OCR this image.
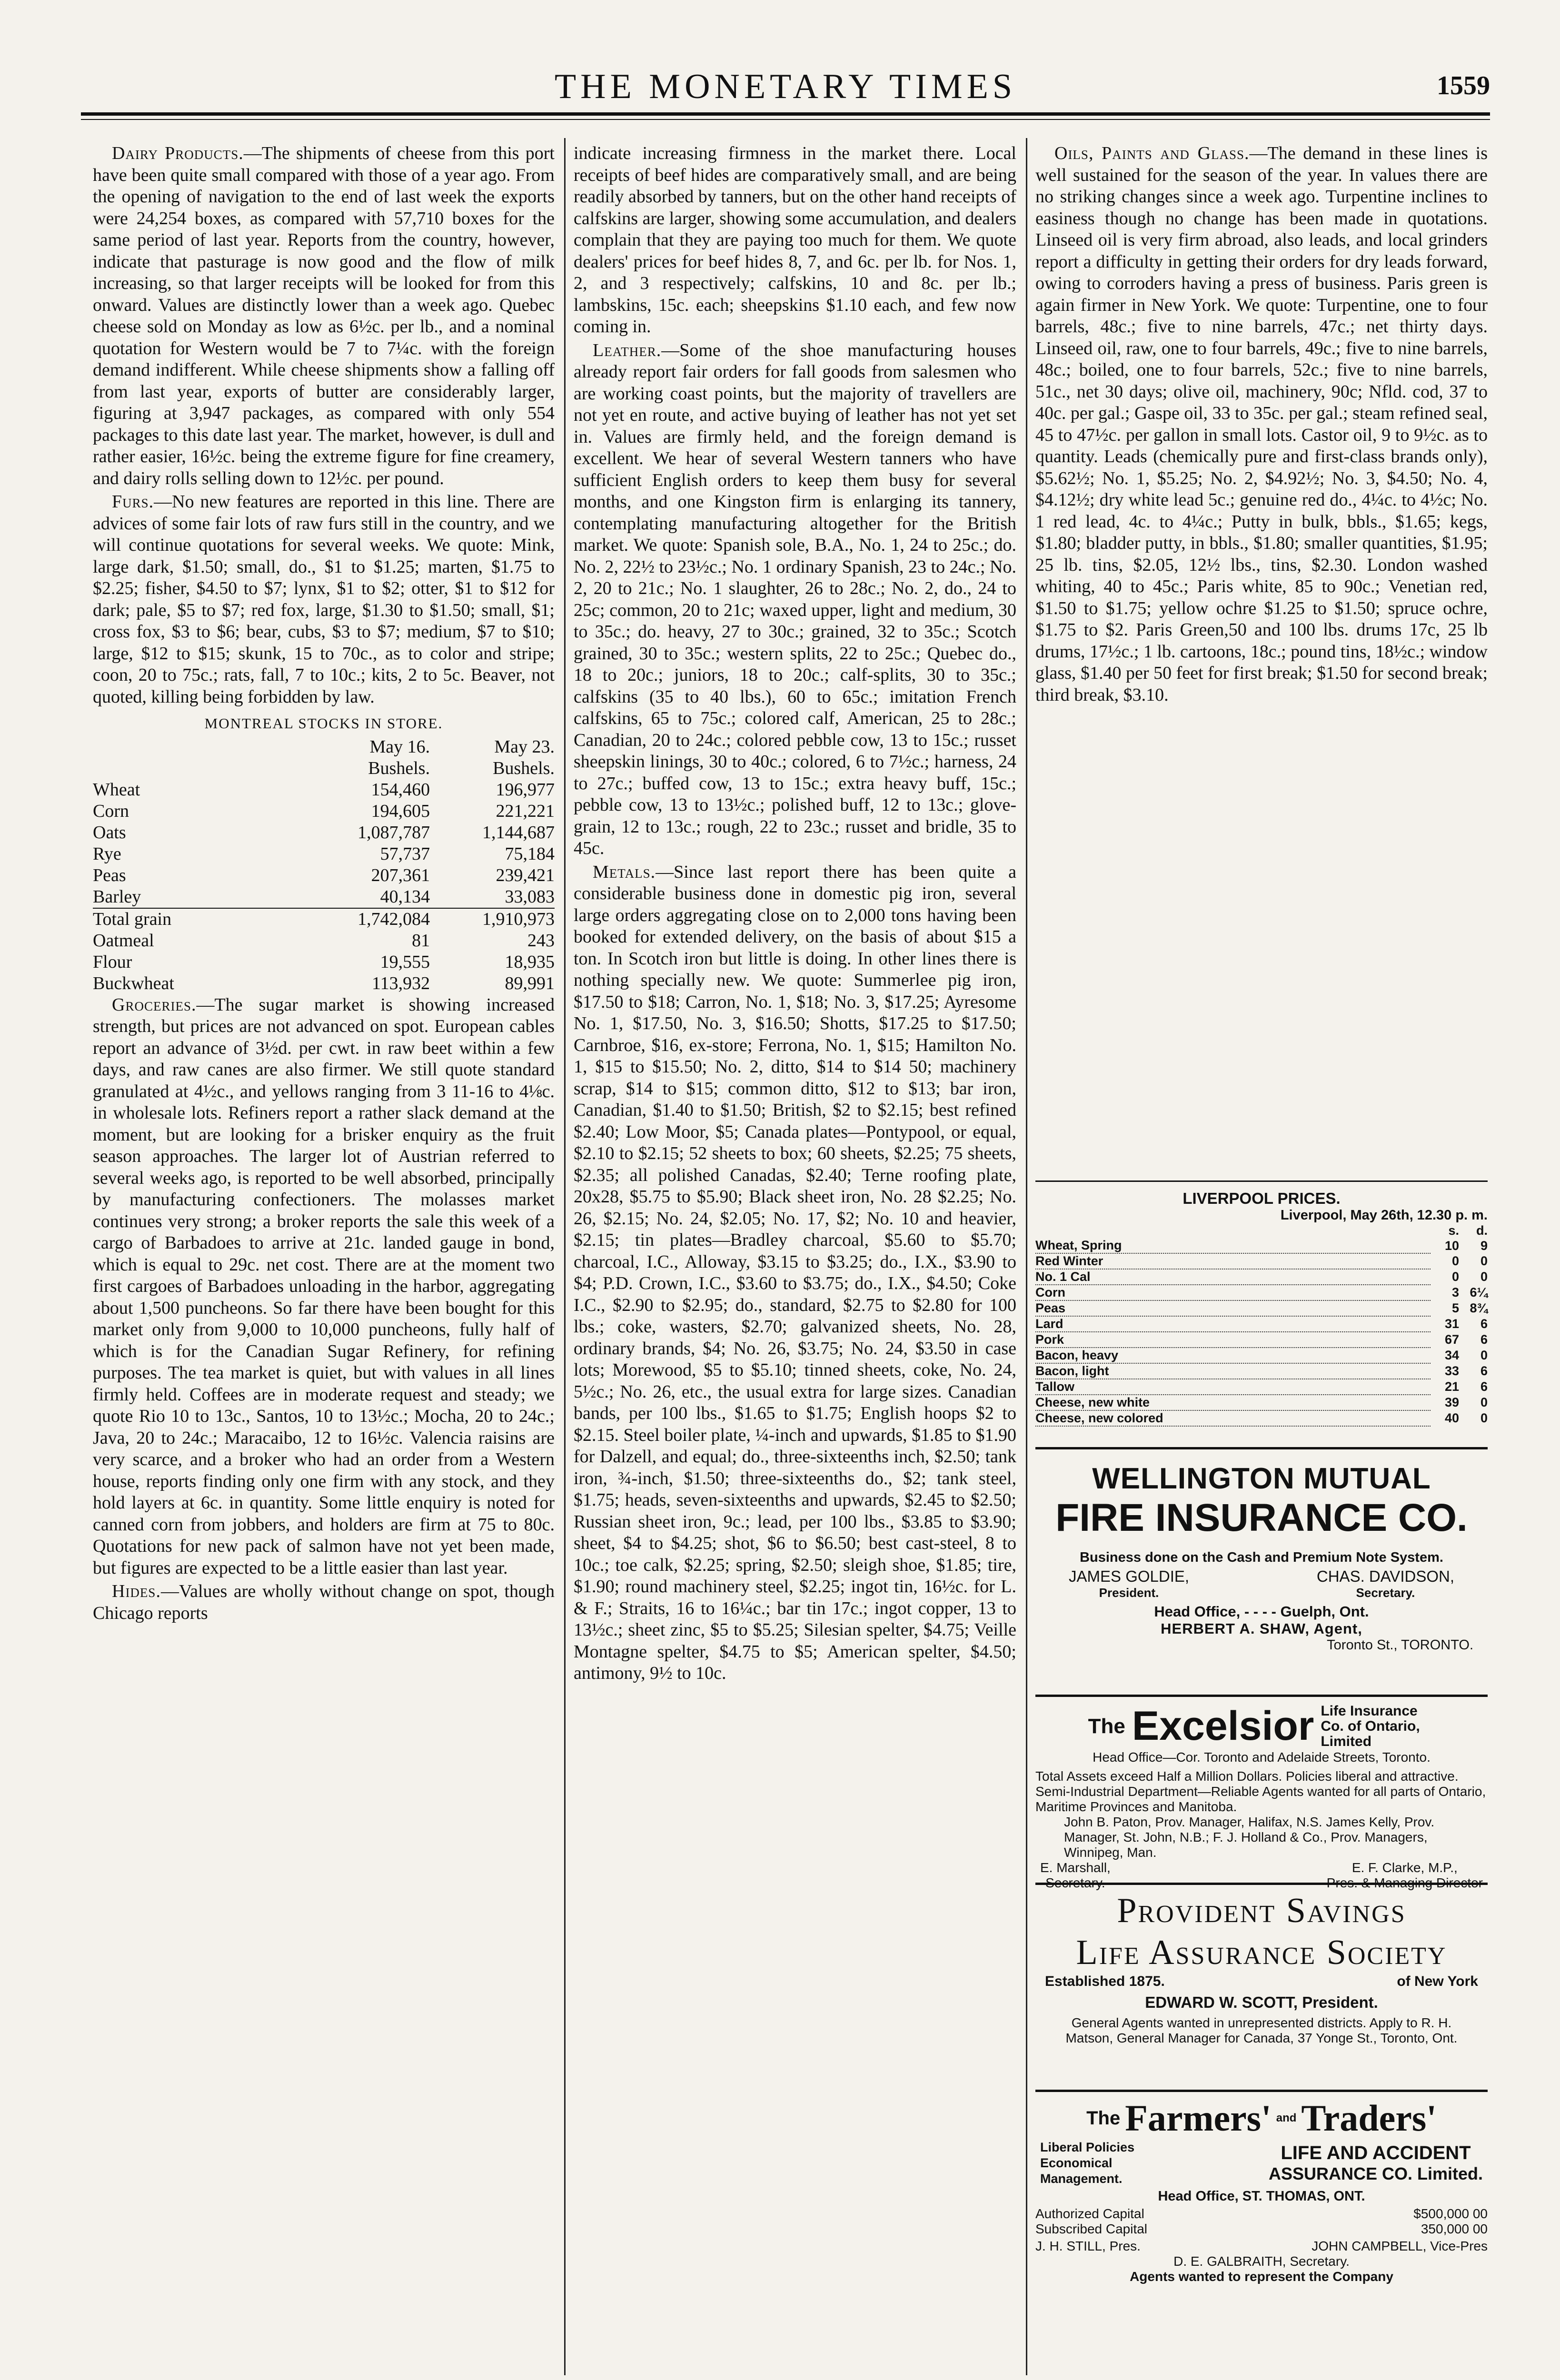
THE MONETARY TIMES	1559

Dairy Products.—The shipments of cheese from this port have been quite small compared with those of a year ago. From the opening of navigation to the end of last week the exports were 24,254 boxes, as compared with 57,710 boxes for the same period of last year. Reports from the country, however, indicate that pasturage is now good and the flow of milk increasing, so that larger receipts will be looked for from this onward. Values are distinctly lower than a week ago. Quebec cheese sold on Monday as low as 6½c. per lb., and a nominal quotation for Western would be 7 to 7¼c. with the foreign demand indifferent. While cheese shipments show a falling off from last year, exports of butter are considerably larger, figuring at 3,947 packages, as compared with only 554 packages to this date last year. The market, however, is dull and rather easier, 16½c. being the extreme figure for fine creamery, and dairy rolls selling down to 12½c. per pound.

Furs.—No new features are reported in this line. There are advices of some fair lots of raw furs still in the country, and we will continue quotations for several weeks. We quote: Mink, large dark, $1.50; small, do., $1 to $1.25; marten, $1.75 to $2.25; fisher, $4.50 to $7; lynx, $1 to $2; otter, $1 to $12 for dark; pale, $5 to $7; red fox, large, $1.30 to $1.50; small, $1; cross fox, $3 to $6; bear, cubs, $3 to $7; medium, $7 to $10; large, $12 to $15; skunk, 15 to 70c., as to color and stripe; coon, 20 to 75c.; rats, fall, 7 to 10c.; kits, 2 to 5c. Beaver, not quoted, killing being forbidden by law.

MONTREAL STOCKS IN STORE.
	May 16.	May 23.
	Bushels.	Bushels.
Wheat	154,460	196,977
Corn	194,605	221,221
Oats	1,087,787	1,144,687
Rye	57,737	75,184
Peas	207,361	239,421
Barley	40,134	33,083
Total grain	1,742,084	1,910,973
Oatmeal	81	243
Flour	19,555	18,935
Buckwheat	113,932	89,991

Groceries.—The sugar market is showing increased strength, but prices are not advanced on spot. European cables report an advance of 3½d. per cwt. in raw beet within a few days, and raw canes are also firmer. We still quote standard granulated at 4½c., and yellows ranging from 3 11-16 to 4⅛c. in wholesale lots. Refiners report a rather slack demand at the moment, but are looking for a brisker enquiry as the fruit season approaches. The larger lot of Austrian referred to several weeks ago, is reported to be well absorbed, principally by manufacturing confectioners. The molasses market continues very strong; a broker reports the sale this week of a cargo of Barbadoes to arrive at 21c. landed gauge in bond, which is equal to 29c. net cost. There are at the moment two first cargoes of Barbadoes unloading in the harbor, aggregating about 1,500 puncheons. So far there have been bought for this market only from 9,000 to 10,000 puncheons, fully half of which is for the Canadian Sugar Refinery, for refining purposes. The tea market is quiet, but with values in all lines firmly held. Coffees are in moderate request and steady; we quote Rio 10 to 13c., Santos, 10 to 13½c.; Mocha, 20 to 24c.; Java, 20 to 24c.; Maracaibo, 12 to 16½c. Valencia raisins are very scarce, and a broker who had an order from a Western house, reports finding only one firm with any stock, and they hold layers at 6c. in quantity. Some little enquiry is noted for canned corn from jobbers, and holders are firm at 75 to 80c. Quotations for new pack of salmon have not yet been made, but figures are expected to be a little easier than last year.

Hides.—Values are wholly without change on spot, though Chicago reports

indicate increasing firmness in the market there. Local receipts of beef hides are comparatively small, and are being readily absorbed by tanners, but on the other hand receipts of calfskins are larger, showing some accumulation, and dealers complain that they are paying too much for them. We quote dealers' prices for beef hides 8, 7, and 6c. per lb. for Nos. 1, 2, and 3 respectively; calfskins, 10 and 8c. per lb.; lambskins, 15c. each; sheepskins $1.10 each, and few now coming in.

Leather.—Some of the shoe manufacturing houses already report fair orders for fall goods from salesmen who are working coast points, but the majority of travellers are not yet en route, and active buying of leather has not yet set in. Values are firmly held, and the foreign demand is excellent. We hear of several Western tanners who have sufficient English orders to keep them busy for several months, and one Kingston firm is enlarging its tannery, contemplating manufacturing altogether for the British market. We quote: Spanish sole, B.A., No. 1, 24 to 25c.; do. No. 2, 22½ to 23½c.; No. 1 ordinary Spanish, 23 to 24c.; No. 2, 20 to 21c.; No. 1 slaughter, 26 to 28c.; No. 2, do., 24 to 25c; common, 20 to 21c; waxed upper, light and medium, 30 to 35c.; do. heavy, 27 to 30c.; grained, 32 to 35c.; Scotch grained, 30 to 35c.; western splits, 22 to 25c.; Quebec do., 18 to 20c.; juniors, 18 to 20c.; calf-splits, 30 to 35c.; calfskins (35 to 40 lbs.), 60 to 65c.; imitation French calfskins, 65 to 75c.; colored calf, American, 25 to 28c.; Canadian, 20 to 24c.; colored pebble cow, 13 to 15c.; russet sheepskin linings, 30 to 40c.; colored, 6 to 7½c.; harness, 24 to 27c.; buffed cow, 13 to 15c.; extra heavy buff, 15c.; pebble cow, 13 to 13½c.; polished buff, 12 to 13c.; glove-grain, 12 to 13c.; rough, 22 to 23c.; russet and bridle, 35 to 45c.

Metals.—Since last report there has been quite a considerable business done in domestic pig iron, several large orders aggregating close on to 2,000 tons having been booked for extended delivery, on the basis of about $15 a ton. In Scotch iron but little is doing. In other lines there is nothing specially new. We quote: Summerlee pig iron, $17.50 to $18; Carron, No. 1, $18; No. 3, $17.25; Ayresome No. 1, $17.50, No. 3, $16.50; Shotts, $17.25 to $17.50; Carnbroe, $16, ex-store; Ferrona, No. 1, $15; Hamilton No. 1, $15 to $15.50; No. 2, ditto, $14 to $14 50; machinery scrap, $14 to $15; common ditto, $12 to $13; bar iron, Canadian, $1.40 to $1.50; British, $2 to $2.15; best refined $2.40; Low Moor, $5; Canada plates—Pontypool, or equal, $2.10 to $2.15; 52 sheets to box; 60 sheets, $2.25; 75 sheets, $2.35; all polished Canadas, $2.40; Terne roofing plate, 20x28, $5.75 to $5.90; Black sheet iron, No. 28 $2.25; No. 26, $2.15; No. 24, $2.05; No. 17, $2; No. 10 and heavier, $2.15; tin plates—Bradley charcoal, $5.60 to $5.70; charcoal, I.C., Alloway, $3.15 to $3.25; do., I.X., $3.90 to $4; P.D. Crown, I.C., $3.60 to $3.75; do., I.X., $4.50; Coke I.C., $2.90 to $2.95; do., standard, $2.75 to $2.80 for 100 lbs.; coke, wasters, $2.70; galvanized sheets, No. 28, ordinary brands, $4; No. 26, $3.75; No. 24, $3.50 in case lots; Morewood, $5 to $5.10; tinned sheets, coke, No. 24, 5½c.; No. 26, etc., the usual extra for large sizes. Canadian bands, per 100 lbs., $1.65 to $1.75; English hoops $2 to $2.15. Steel boiler plate, ¼-inch and upwards, $1.85 to $1.90 for Dalzell, and equal; do., three-sixteenths inch, $2.50; tank iron, ¾-inch, $1.50; three-sixteenths do., $2; tank steel, $1.75; heads, seven-sixteenths and upwards, $2.45 to $2.50; Russian sheet iron, 9c.; lead, per 100 lbs., $3.85 to $3.90; sheet, $4 to $4.25; shot, $6 to $6.50; best cast-steel, 8 to 10c.; toe calk, $2.25; spring, $2.50; sleigh shoe, $1.85; tire, $1.90; round machinery steel, $2.25; ingot tin, 16½c. for L. & F.; Straits, 16 to 16¼c.; bar tin 17c.; ingot copper, 13 to 13½c.; sheet zinc, $5 to $5.25; Silesian spelter, $4.75; Veille Montagne spelter, $4.75 to $5; American spelter, $4.50; antimony, 9½ to 10c.

Oils, Paints and Glass.—The demand in these lines is well sustained for the season of the year. In values there are no striking changes since a week ago. Turpentine inclines to easiness though no change has been made in quotations. Linseed oil is very firm abroad, also leads, and local grinders report a difficulty in getting their orders for dry leads forward, owing to corroders having a press of business. Paris green is again firmer in New York. We quote: Turpentine, one to four barrels, 48c.; five to nine barrels, 47c.; net thirty days. Linseed oil, raw, one to four barrels, 49c.; five to nine barrels, 48c.; boiled, one to four barrels, 52c.; five to nine barrels, 51c., net 30 days; olive oil, machinery, 90c; Nfld. cod, 37 to 40c. per gal.; Gaspe oil, 33 to 35c. per gal.; steam refined seal, 45 to 47½c. per gallon in small lots. Castor oil, 9 to 9½c. as to quantity. Leads (chemically pure and first-class brands only), $5.62½; No. 1, $5.25; No. 2, $4.92½; No. 3, $4.50; No. 4, $4.12½; dry white lead 5c.; genuine red do., 4¼c. to 4½c; No. 1 red lead, 4c. to 4¼c.; Putty in bulk, bbls., $1.65; kegs, $1.80; bladder putty, in bbls., $1.80; smaller quantities, $1.95; 25 lb. tins, $2.05, 12½ lbs., tins, $2.30. London washed whiting, 40 to 45c.; Paris white, 85 to 90c.; Venetian red, $1.50 to $1.75; yellow ochre $1.25 to $1.50; spruce ochre, $1.75 to $2. Paris Green,50 and 100 lbs. drums 17c, 25 lb drums, 17½c.; 1 lb. cartoons, 18c.; pound tins, 18½c.; window glass, $1.40 per 50 feet for first break; $1.50 for second break; third break, $3.10.

LIVERPOOL PRICES.
Liverpool, May 26th, 12.30 p. m.
	s.	d.
Wheat, Spring	10	9
Red Winter	0	0
No. 1 Cal	0	0
Corn	3	6¼
Peas	5	8¾
Lard	31	6
Pork	67	6
Bacon, heavy	34	0
Bacon, light	33	6
Tallow	21	6
Cheese, new white	39	0
Cheese, new colored	40	0
WELLINGTON MUTUAL
FIRE INSURANCE CO.
Business done on the Cash and Premium Note System.
JAMES GOLDIE,
President.
CHAS. DAVIDSON,
Secretary.
Head Office, - - - - Guelph, Ont.
HERBERT A. SHAW, Agent,
Toronto St., TORONTO.
The Excelsior Life Insurance Co. of Ontario, Limited
Head Office—Cor. Toronto and Adelaide Streets, Toronto.
Total Assets exceed Half a Million Dollars. Policies liberal and attractive.
Semi-Industrial Department—Reliable Agents wanted for all parts of Ontario, Maritime Provinces and Manitoba.
John B. Paton, Prov. Manager, Halifax, N.S. James Kelly, Prov. Manager, St. John, N.B.; F. J. Holland & Co., Prov. Managers, Winnipeg, Man.
E. Marshall,
Secretary.
E. F. Clarke, M.P.,
Pres. & Managing Director
Provident Savings
Life Assurance Society
Established 1875.	of New York
EDWARD W. SCOTT, President.
General Agents wanted in unrepresented districts. Apply to R. H. Matson, General Manager for Canada, 37 Yonge St., Toronto, Ont.
The Farmers' and Traders'
Liberal Policies
Economical
Management.
LIFE AND ACCIDENT
ASSURANCE CO. Limited.
Head Office, ST. THOMAS, ONT.
Authorized Capital	$500,000 00
Subscribed Capital	350,000 00
J. H. STILL, Pres.	JOHN CAMPBELL, Vice-Pres
D. E. GALBRAITH, Secretary.
Agents wanted to represent the Company
